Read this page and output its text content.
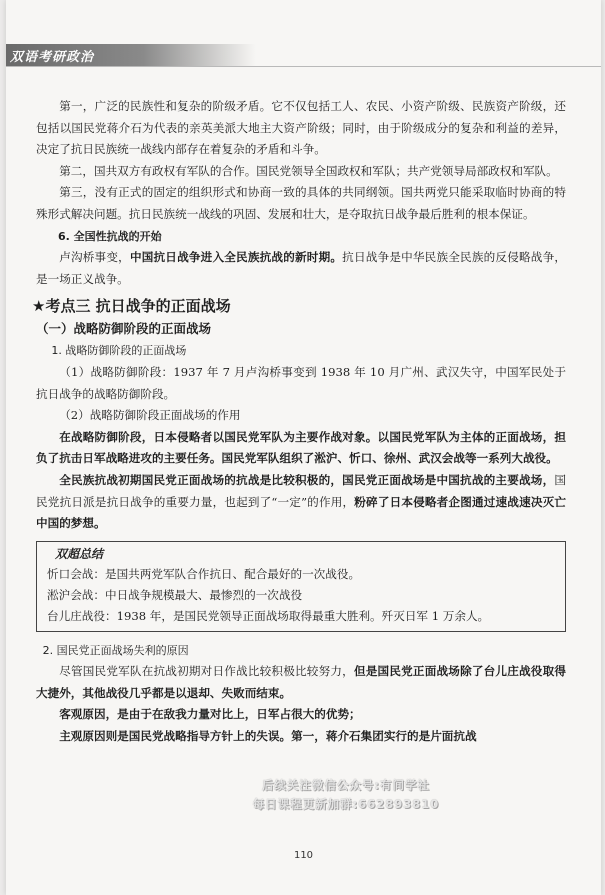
双语考研政治

第一，广泛的民族性和复杂的阶级矛盾。它不仅包括工人、农民、小资产阶级、民族资产阶级，还包括以国民党蒋介石为代表的亲英美派大地主大资产阶级；同时，由于阶级成分的复杂和利益的差异，决定了抗日民族统一战线内部存在着复杂的矛盾和斗争。

第二，国共双方有政权有军队的合作。国民党领导全国政权和军队；共产党领导局部政权和军队。

第三，没有正式的固定的组织形式和协商一致的具体的共同纲领。国共两党只能采取临时协商的特殊形式解决问题。抗日民族统一战线的巩固、发展和壮大，是夺取抗日战争最后胜利的根本保证。

6. 全国性抗战的开始

卢沟桥事变，中国抗日战争进入全民族抗战的新时期。抗日战争是中华民族全民族的反侵略战争，是一场正义战争。

★考点三 抗日战争的正面战场
（一）战略防御阶段的正面战场
1. 战略防御阶段的正面战场

（1）战略防御阶段：1937 年 7 月卢沟桥事变到 1938 年 10 月广州、武汉失守，中国军民处于抗日战争的战略防御阶段。

（2）战略防御阶段正面战场的作用

在战略防御阶段，日本侵略者以国民党军队为主要作战对象。以国民党军队为主体的正面战场，担负了抗击日军战略进攻的主要任务。国民党军队组织了淞沪、忻口、徐州、武汉会战等一系列大战役。

全民族抗战初期国民党正面战场的抗战是比较积极的，国民党正面战场是中国抗战的主要战场，国民党抗日派是抗日战争的重要力量，也起到了“一定”的作用，粉碎了日本侵略者企图通过速战速决灭亡中国的梦想。

双超总结

忻口会战：是国共两党军队合作抗日、配合最好的一次战役。

淞沪会战：中日战争规模最大、最惨烈的一次战役

台儿庄战役：1938 年，是国民党领导正面战场取得最重大胜利。歼灭日军 1 万余人。

2. 国民党正面战场失利的原因

尽管国民党军队在抗战初期对日作战比较积极比较努力，但是国民党正面战场除了台儿庄战役取得大捷外，其他战役几乎都是以退却、失败而结束。

客观原因，是由于在敌我力量对比上，日军占很大的优势；

主观原因则是国民党战略指导方针上的失误。第一，蒋介石集团实行的是片面抗战

后续关注微信公众号:有间学社
每日课程更新加群:662893810
110
